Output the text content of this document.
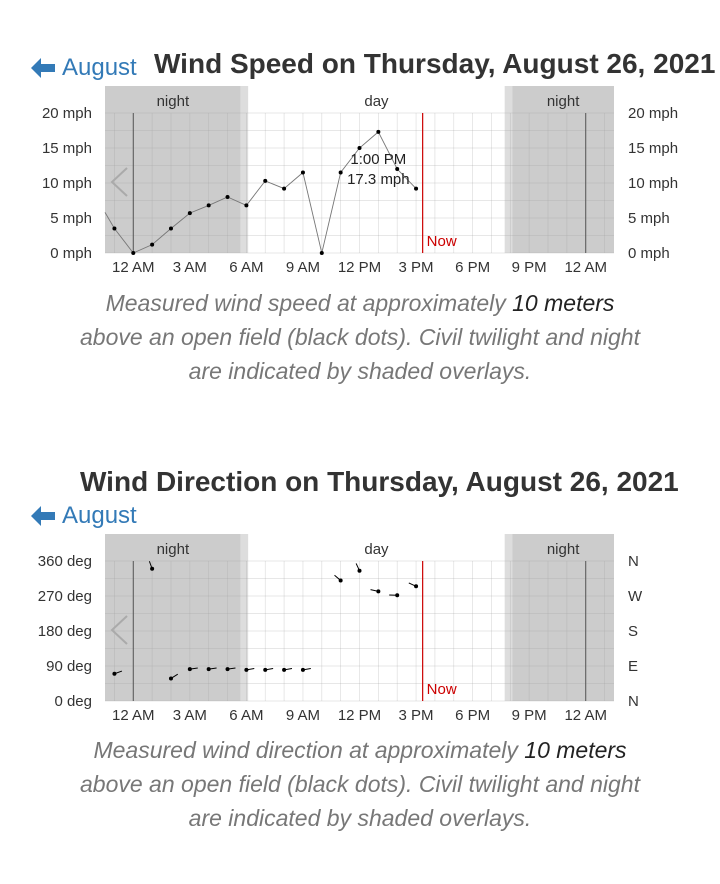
August Wind Speed on Thursday, August 26, 2021
night	day	night
0 mph	0 mph
5 mph	5 mph
10 mph	10 mph
15 mph	15 mph
20 mph	20 mph
12 AM 3 AM 6 AM 9 AM 12 PM 3 PM 6 PM 9 PM 12 AM
Now
1:00 PM
17.3 mph
Measured wind speed at approximately 10 meters above an open field (black dots). Civil twilight and night are indicated by shaded overlays.
Wind Direction on Thursday, August 26, 2021
August
night	day	night
0 deg	N
90 deg	E
180 deg	S
270 deg	W
360 deg	N
12 AM 3 AM 6 AM 9 AM 12 PM 3 PM 6 PM 9 PM 12 AM
Now
Measured wind direction at approximately 10 meters above an open field (black dots). Civil twilight and night are indicated by shaded overlays.
